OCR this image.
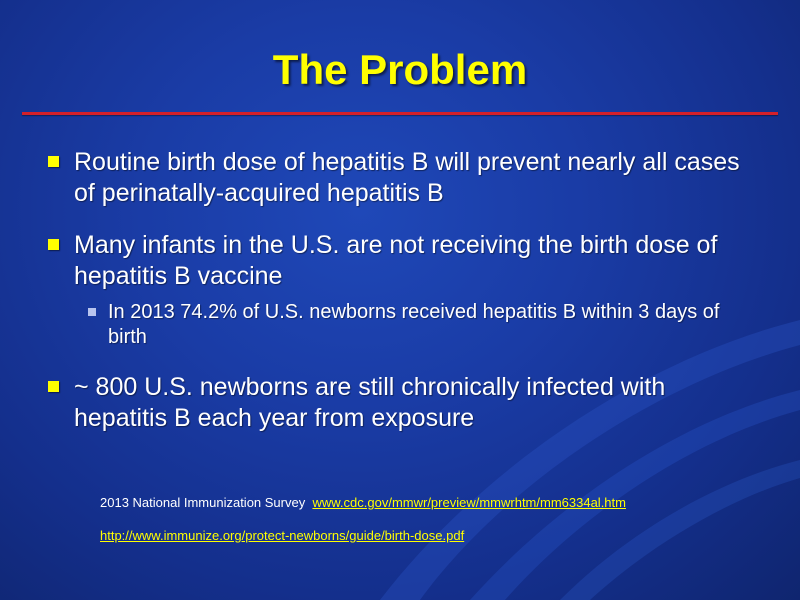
The Problem
Routine birth dose of hepatitis B will prevent nearly all cases of perinatally-acquired hepatitis B
Many infants in the U.S. are not receiving the birth dose of hepatitis B vaccine
In 2013 74.2% of U.S. newborns received hepatitis B within 3 days of birth
~ 800 U.S. newborns are still chronically infected with hepatitis B each year from exposure
2013 National Immunization Survey www.cdc.gov/mmwr/preview/mmwrhtm/mm6334al.htm
http://www.immunize.org/protect-newborns/guide/birth-dose.pdf
